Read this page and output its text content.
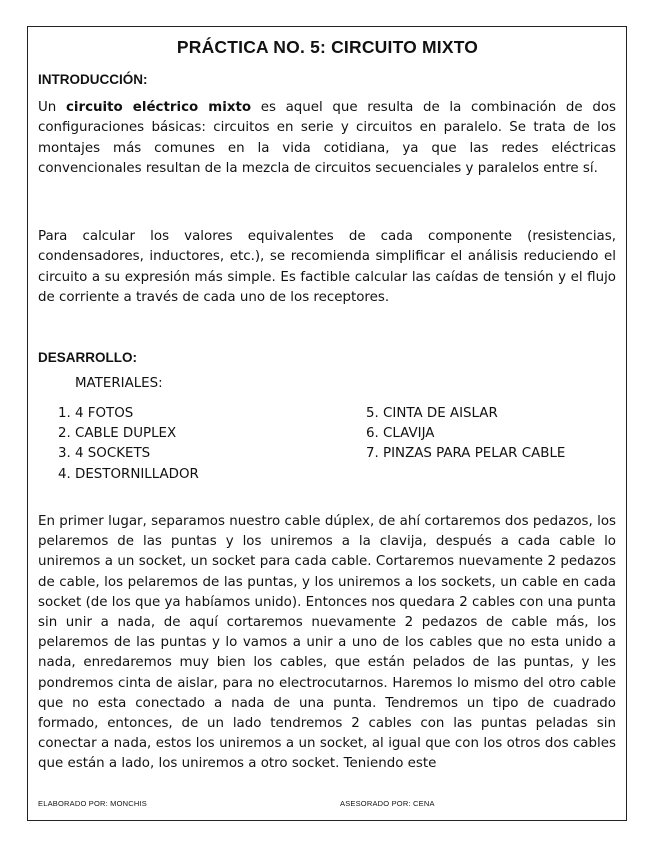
PRÁCTICA NO. 5: CIRCUITO MIXTO
INTRODUCCIÓN:

Un circuito eléctrico mixto es aquel que resulta de la combinación de dos configuraciones básicas: circuitos en serie y circuitos en paralelo. Se trata de los montajes más comunes en la vida cotidiana, ya que las redes eléctricas convencionales resultan de la mezcla de circuitos secuenciales y paralelos entre sí.

Para calcular los valores equivalentes de cada componente (resistencias, condensadores, inductores, etc.), se recomienda simplificar el análisis reduciendo el circuito a su expresión más simple. Es factible calcular las caídas de tensión y el flujo de corriente a través de cada uno de los receptores.

DESARROLLO:
MATERIALES:
1. 4 FOTOS
2. CABLE DUPLEX
3. 4 SOCKETS
4. DESTORNILLADOR
5. CINTA DE AISLAR
6. CLAVIJA
7. PINZAS PARA PELAR CABLE

En primer lugar, separamos nuestro cable dúplex, de ahí cortaremos dos pedazos, los pelaremos de las puntas y los uniremos a la clavija, después a cada cable lo uniremos a un socket, un socket para cada cable. Cortaremos nuevamente 2 pedazos de cable, los pelaremos de las puntas, y los uniremos a los sockets, un cable en cada socket (de los que ya habíamos unido). Entonces nos quedara 2 cables con una punta sin unir a nada, de aquí cortaremos nuevamente 2 pedazos de cable más, los pelaremos de las puntas y lo vamos a unir a uno de los cables que no esta unido a nada, enredaremos muy bien los cables, que están pelados de las puntas, y les pondremos cinta de aislar, para no electrocutarnos. Haremos lo mismo del otro cable que no esta conectado a nada de una punta. Tendremos un tipo de cuadrado formado, entonces, de un lado tendremos 2 cables con las puntas peladas sin conectar a nada, estos los uniremos a un socket, al igual que con los otros dos cables que están a lado, los uniremos a otro socket. Teniendo este

ELABORADO POR: MONCHIS	ASESORADO POR: CENA
